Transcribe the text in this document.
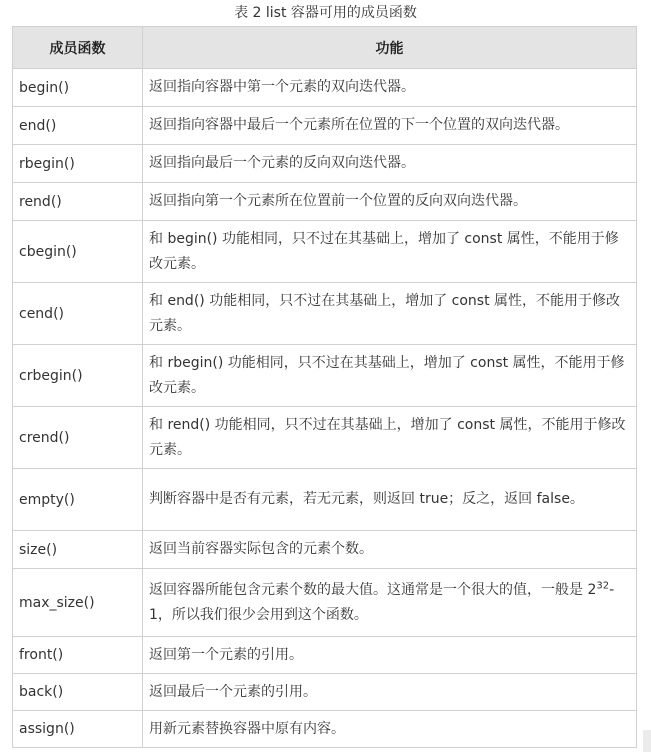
表 2 list 容器可用的成员函数
成员函数	功能
begin()	返回指向容器中第一个元素的双向迭代器。
end()	返回指向容器中最后一个元素所在位置的下一个位置的双向迭代器。
rbegin()	返回指向最后一个元素的反向双向迭代器。
rend()	返回指向第一个元素所在位置前一个位置的反向双向迭代器。
cbegin()	和 begin() 功能相同，只不过在其基础上，增加了 const 属性，不能用于修改元素。
cend()	和 end() 功能相同，只不过在其基础上，增加了 const 属性，不能用于修改元素。
crbegin()	和 rbegin() 功能相同，只不过在其基础上，增加了 const 属性，不能用于修改元素。
crend()	和 rend() 功能相同，只不过在其基础上，增加了 const 属性，不能用于修改元素。
empty()	判断容器中是否有元素，若无元素，则返回 true；反之，返回 false。
size()	返回当前容器实际包含的元素个数。
max_size()	返回容器所能包含元素个数的最大值。这通常是一个很大的值，一般是 $2^{32}-1$，所以我们很少会用到这个函数。
front()	返回第一个元素的引用。
back()	返回最后一个元素的引用。
assign()	用新元素替换容器中原有内容。
